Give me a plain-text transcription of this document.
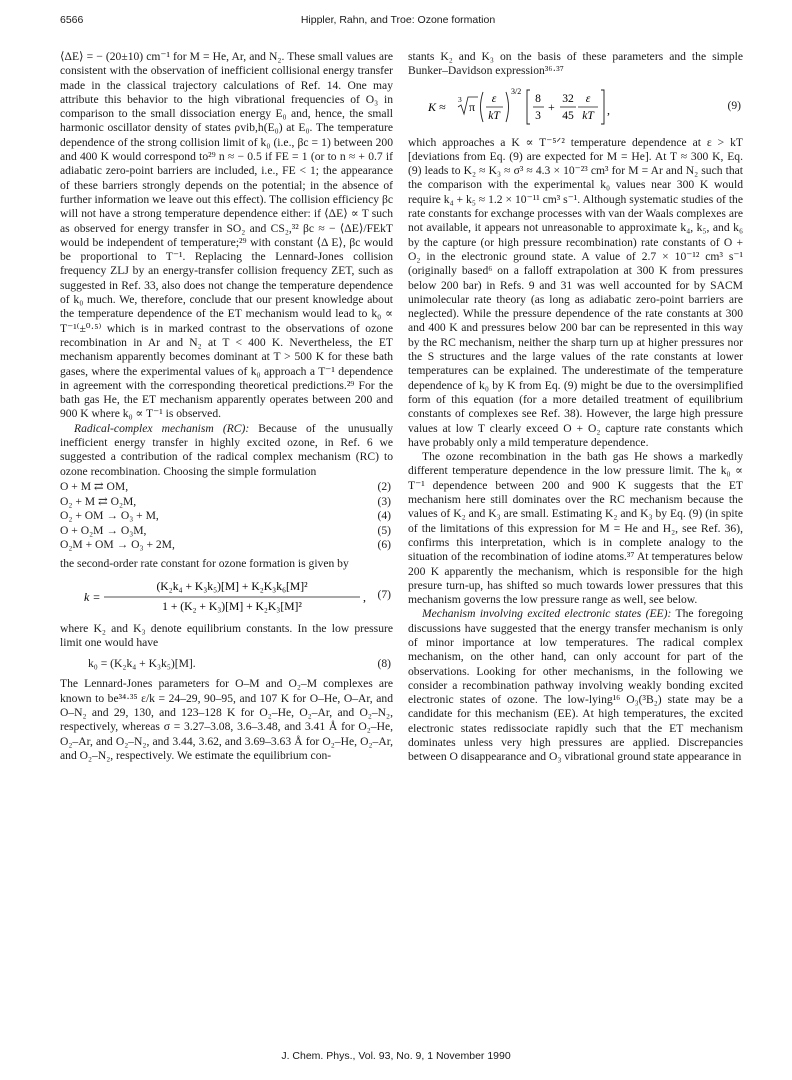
6566	Hippler, Rahn, and Troe: Ozone formation

⟨ΔE⟩ = − (20±10) cm⁻¹ for M = He, Ar, and N₂. These small values are consistent with the observation of inefficient collisional energy transfer made in the classical trajectory calculations of Ref. 14. One may attribute this behavior to the high vibrational frequencies of O₃ in comparison to the small dissociation energy E₀ and, hence, the small harmonic oscillator density of states ρvib,h(E₀) at E₀. The temperature dependence of the strong collision limit of k₀ (i.e., βc = 1) between 200 and 400 K would correspond to²⁹ n ≈ − 0.5 if FE = 1 (or to n ≈ + 0.7 if adiabatic zero-point barriers are included, i.e., FE < 1; the appearance of these barriers strongly depends on the potential; in the absence of further information we leave out this effect). The collision efficiency βc will not have a strong temperature dependence either: if ⟨ΔE⟩ ∝ T such as observed for energy transfer in SO₂ and CS₂,³² βc ≈ − ⟨ΔE⟩/FEkT would be independent of temperature;²⁹ with constant ⟨Δ E⟩, βc would be proportional to T⁻¹. Replacing the Lennard-Jones collision frequency ZLJ by an energy-transfer collision frequency ZET, such as suggested in Ref. 33, also does not change the temperature dependence of k₀ much. We, therefore, conclude that our present knowledge about the temperature dependence of the ET mechanism would lead to k₀ ∝ T⁻¹⁽±⁰·⁵⁾ which is in marked contrast to the observations of ozone recombination in Ar and N₂ at T < 400 K. Nevertheless, the ET mechanism apparently becomes dominant at T > 500 K for these bath gases, where the experimental values of k₀ approach a T⁻¹ dependence in agreement with the corresponding theoretical predictions.²⁹ For the bath gas He, the ET mechanism apparently operates between 200 and 900 K where k₀ ∝ T⁻¹ is observed.

Radical-complex mechanism (RC): Because of the unusually inefficient energy transfer in highly excited ozone, in Ref. 6 we suggested a contribution of the radical complex mechanism (RC) to ozone recombination. Choosing the simple formulation

O + M ⇄ OM,	(2)
O₂ + M ⇄ O₂M,	(3)
O₂ + OM → O₃ + M,	(4)
O + O₂M → O₃M,	(5)
O₂M + OM → O₃ + 2M,	(6)

the second-order rate constant for ozone formation is given by

k =
(K₂k₄ + K₃k₅)[M] + K₂K₃k₆[M]²
1 + (K₂ + K₃)[M] + K₂K₃[M]²
, (7)

where K₂ and K₃ denote equilibrium constants. In the low pressure limit one would have

k₀ = (K₂k₄ + K₃k₅)[M].	(8)

The Lennard-Jones parameters for O–M and O₂–M complexes are known to be³⁴·³⁵ ε/k = 24–29, 90–95, and 107 K for O–He, O–Ar, and O–N₂ and 29, 130, and 123–128 K for O₂–He, O₂–Ar, and O₂–N₂, respectively, whereas σ = 3.27–3.08, 3.6–3.48, and 3.41 Å for O₂–He, O₂–Ar, and O₂–N₂, and 3.44, 3.62, and 3.69–3.63 Å for O₂–He, O₂–Ar, and O₂–N₂, respectively. We estimate the equilibrium con-

stants K₂ and K₃ on the basis of these parameters and the simple Bunker–Davidson expression³⁶·³⁷

K ≈
3
π
ε
kT
3/2
8
3
+
32
45
ε
kT ,	(9)

which approaches a K ∝ T⁻⁵ᐟ² temperature dependence at ε > kT [deviations from Eq. (9) are expected for M = He]. At T ≈ 300 K, Eq. (9) leads to K₂ ≈ K₃ ≈ σ³ ≈ 4.3 × 10⁻²³ cm³ for M = Ar and N₂ such that the comparison with the experimental k₀ values near 300 K would require k₄ + k₅ ≈ 1.2 × 10⁻¹¹ cm³ s⁻¹. Although systematic studies of the rate constants for exchange processes with van der Waals complexes are not available, it appears not unreasonable to approximate k₄, k₅, and k₆ by the capture (or high pressure recombination) rate constants of O + O₂ in the electronic ground state. A value of 2.7 × 10⁻¹² cm³ s⁻¹ (originally based⁶ on a falloff extrapolation at 300 K from pressures below 200 bar) in Refs. 9 and 31 was well accounted for by SACM unimolecular rate theory (as long as adiabatic zero-point barriers are neglected). While the pressure dependence of the rate constants at 300 and 400 K and pressures below 200 bar can be represented in this way by the RC mechanism, neither the sharp turn up at higher pressures nor the S structures and the large values of the rate constants at lower temperatures can be explained. The underestimate of the temperature dependence of k₀ by K from Eq. (9) might be due to the oversimplified form of this equation (for a more detailed treatment of equilibrium constants of complexes see Ref. 38). However, the large high pressure values at low T clearly exceed O + O₂ capture rate constants which have probably only a mild temperature dependence.

The ozone recombination in the bath gas He shows a markedly different temperature dependence in the low pressure limit. The k₀ ∝ T⁻¹ dependence between 200 and 900 K suggests that the ET mechanism here still dominates over the RC mechanism because the values of K₂ and K₃ are small. Estimating K₂ and K₃ by Eq. (9) (in spite of the limitations of this expression for M = He and H₂, see Ref. 36), confirms this interpretation, which is in complete analogy to the situation of the recombination of iodine atoms.³⁷ At temperatures below 200 K apparently the mechanism, which is responsible for the high presure turn-up, has shifted so much towards lower pressures that this mechanism governs the low pressure range as well, see below.

Mechanism involving excited electronic states (EE): The foregoing discussions have suggested that the energy transfer mechanism is only of minor importance at low temperatures. The radical complex mechanism, on the other hand, can only account for part of the observations. Looking for other mechanisms, in the following we consider a recombination pathway involving weakly bonding excited electronic states of ozone. The low-lying¹⁶ O₃(³B₂) state may be a candidate for this mechanism (EE). At high temperatures, the excited electronic states redissociate rapidly such that the ET mechanism dominates unless very high pressures are applied. Discrepancies between O disappearance and O₃ vibrational ground state appearance in

J. Chem. Phys., Vol. 93, No. 9, 1 November 1990
